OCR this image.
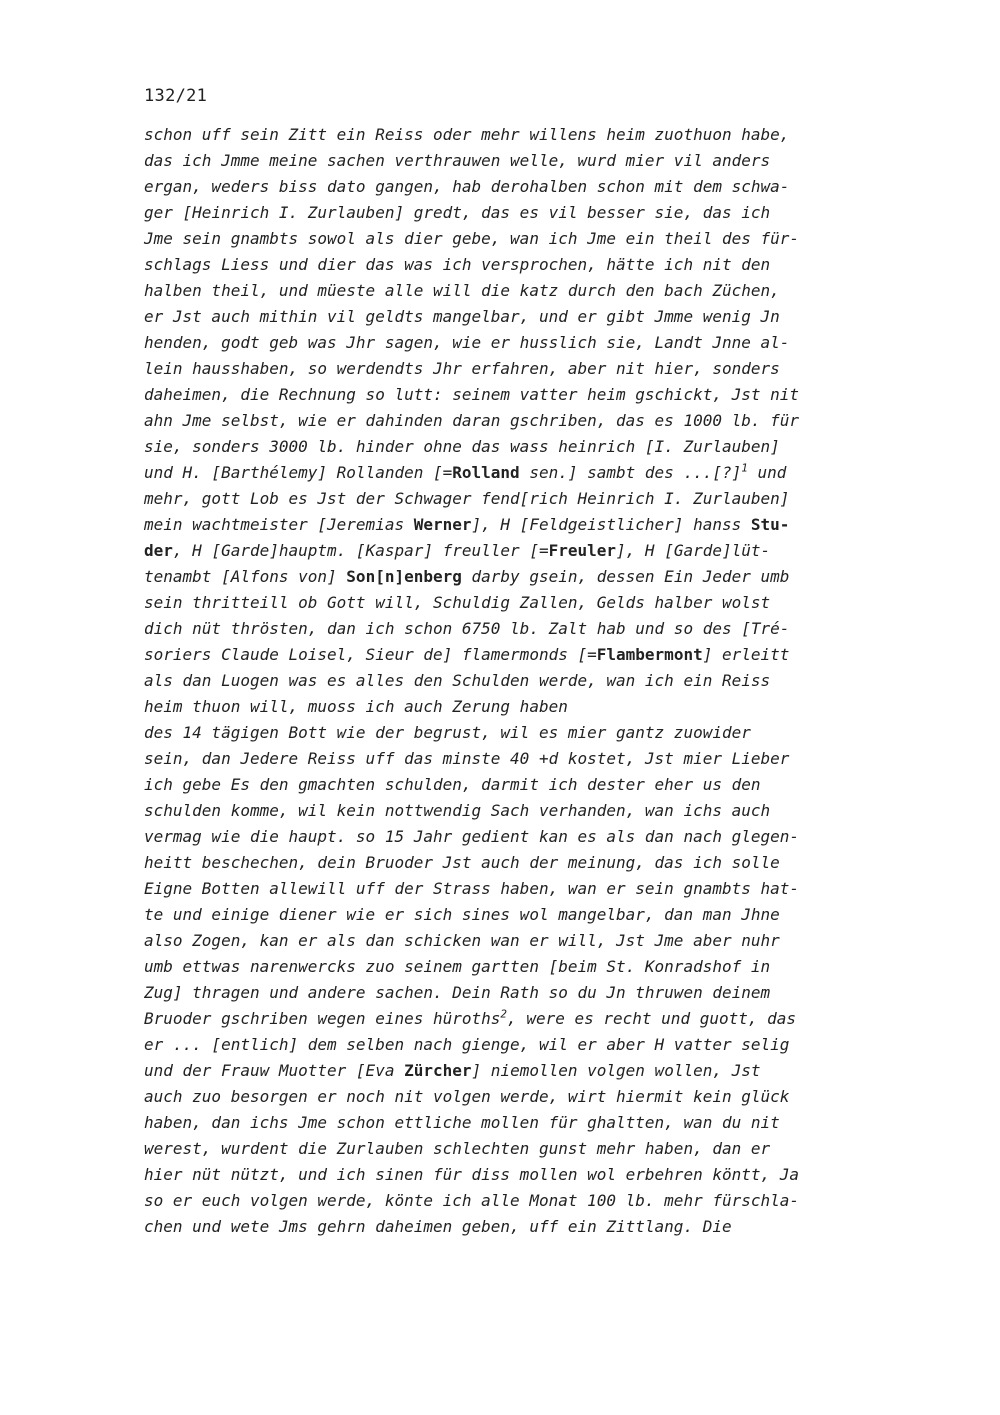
132/21
schon uff sein Zitt ein Reiss oder mehr willens heim zuothuon habe,
das ich Jmme meine sachen verthrauwen welle, wurd mier vil anders
ergan, weders biss dato gangen, hab derohalben schon mit dem schwa-
ger [Heinrich I. Zurlauben] gredt, das es vil besser sie, das ich
Jme sein gnambts sowol als dier gebe, wan ich Jme ein theil des für-
schlags Liess und dier das was ich versprochen, hätte ich nit den
halben theil, und müeste alle will die katz durch den bach Züchen,
er Jst auch mithin vil geldts mangelbar, und er gibt Jmme wenig Jn
henden, godt geb was Jhr sagen, wie er husslich sie, Landt Jnne al-
lein hausshaben, so werdendts Jhr erfahren, aber nit hier, sonders
daheimen, die Rechnung so lutt: seinem vatter heim gschickt, Jst nit
ahn Jme selbst, wie er dahinden daran gschriben, das es 1000 lb. für
sie, sonders 3000 lb. hinder ohne das wass heinrich [I. Zurlauben]
und H. [Barthélemy] Rollanden [=Rolland sen.] sambt des ...[?]$^1$ und
mehr, gott Lob es Jst der Schwager fend[rich Heinrich I. Zurlauben]
mein wachtmeister [Jeremias Werner], H [Feldgeistlicher] hanss Stu-
der, H [Garde]hauptm. [Kaspar] freuller [=Freuler], H [Garde]lüt-
tenambt [Alfons von] Son[n]enberg darby gsein, dessen Ein Jeder umb
sein thritteill ob Gott will, Schuldig Zallen, Gelds halber wolst
dich nüt thrösten, dan ich schon 6750 lb. Zalt hab und so des [Tré-
soriers Claude Loisel, Sieur de] flamermonds [=Flambermont] erleitt
als dan Luogen was es alles den Schulden werde, wan ich ein Reiss
heim thuon will, muoss ich auch Zerung haben
des 14 tägigen Bott wie der begrust, wil es mier gantz zuowider
sein, dan Jedere Reiss uff das minste 40 +d kostet, Jst mier Lieber
ich gebe Es den gmachten schulden, darmit ich dester eher us den
schulden komme, wil kein nottwendig Sach verhanden, wan ichs auch
vermag wie die haupt. so 15 Jahr gedient kan es als dan nach glegen-
heitt beschechen, dein Bruoder Jst auch der meinung, das ich solle
Eigne Botten allewill uff der Strass haben, wan er sein gnambts hat-
te und einige diener wie er sich sines wol mangelbar, dan man Jhne
also Zogen, kan er als dan schicken wan er will, Jst Jme aber nuhr
umb ettwas narenwercks zuo seinem gartten [beim St. Konradshof in
Zug] thragen und andere sachen. Dein Rath so du Jn thruwen deinem
Bruoder gschriben wegen eines hüroths$^2$, were es recht und guott, das
er ... [entlich] dem selben nach gienge, wil er aber H vatter selig
und der Frauw Muotter [Eva Zürcher] niemollen volgen wollen, Jst
auch zuo besorgen er noch nit volgen werde, wirt hiermit kein glück
haben, dan ichs Jme schon ettliche mollen für ghaltten, wan du nit
werest, wurdent die Zurlauben schlechten gunst mehr haben, dan er
hier nüt nützt, und ich sinen für diss mollen wol erbehren köntt, Ja
so er euch volgen werde, könte ich alle Monat 100 lb. mehr fürschla-
chen und wete Jms gehrn daheimen geben, uff ein Zittlang. Die
